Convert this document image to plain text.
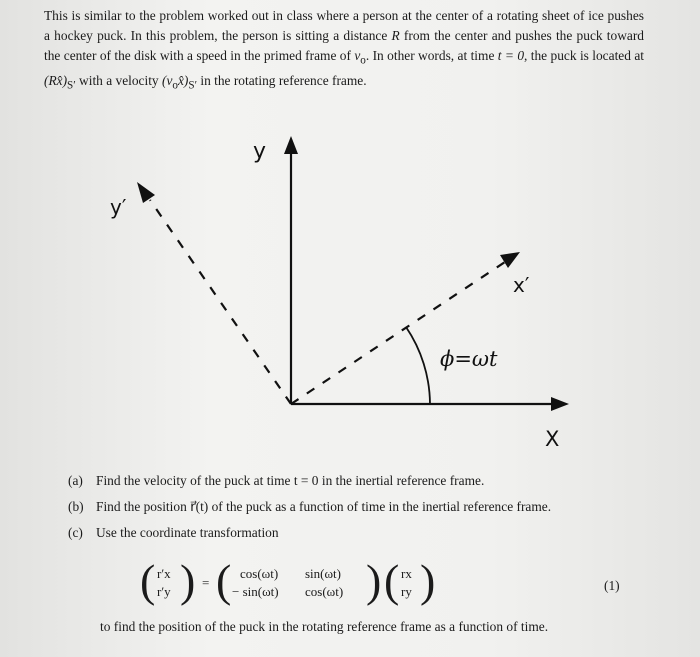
This is similar to the problem worked out in class where a person at the center of a rotating sheet of ice pushes a hockey puck. In this problem, the person is sitting a distance R from the center and pushes the puck toward the center of the disk with a speed in the primed frame of $v_o$. In other words, at time t = 0, the puck is located at $(Rx̂)_{S'}$ with a velocity $(v_ox̂)_{S'}$ in the rotating reference frame.
y
y′
X
x′
ϕ=ωt
(a) Find the velocity of the puck at time t = 0 in the inertial reference frame.
(b) Find the position r⃗(t) of the puck as a function of time in the inertial reference frame.
(c) Use the coordinate transformation
( r′x
r′y ) = ( cos(ωt) sin(ωt)
− sin(ωt) cos(ωt) ) ( rx
ry )	(1)
to find the position of the puck in the rotating reference frame as a function of time.
